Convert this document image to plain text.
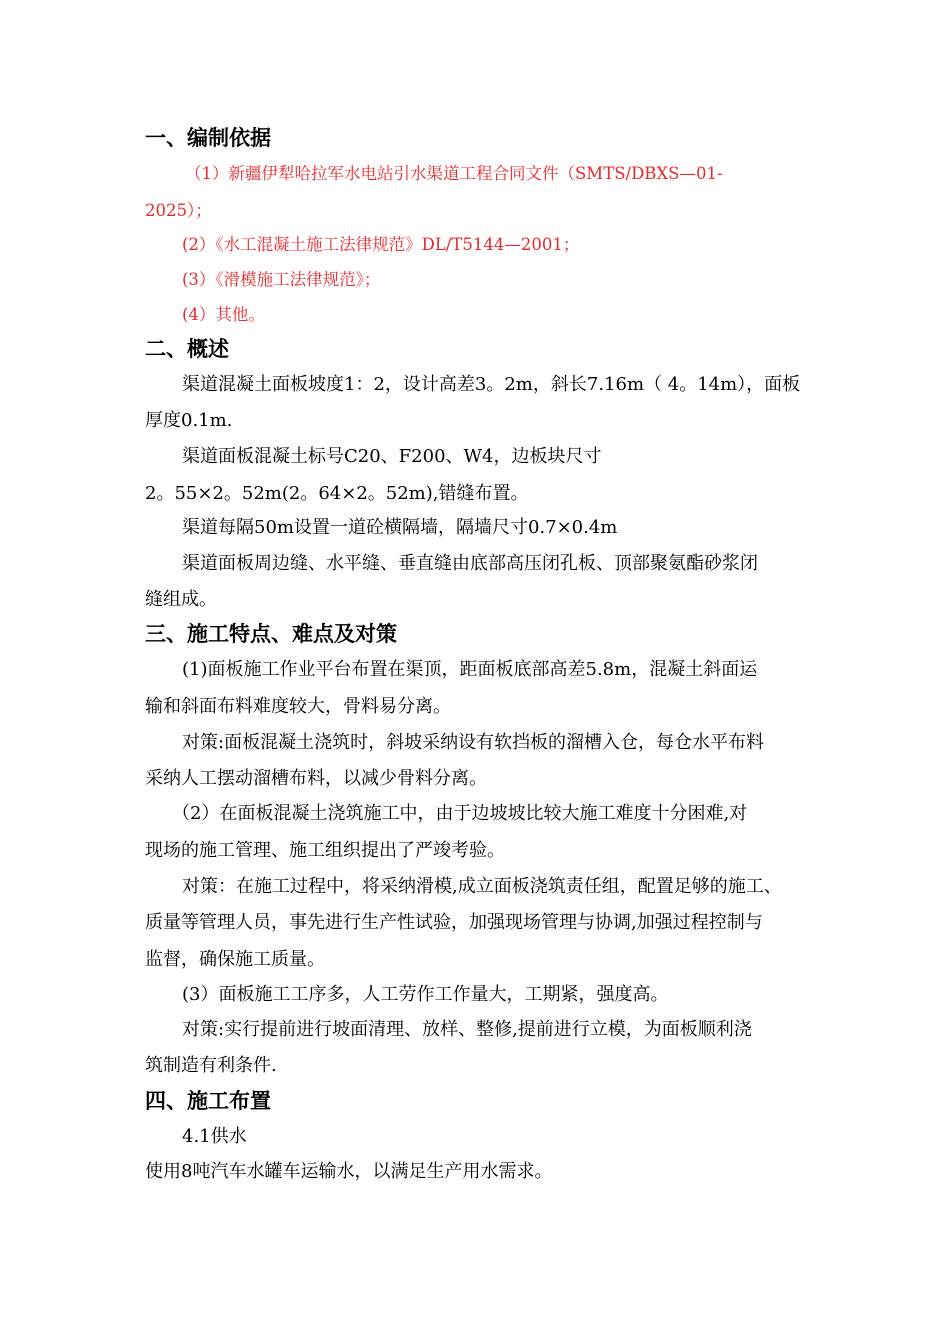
一、编制依据
（1）新疆伊犁哈拉军水电站引水渠道工程合同文件（SMTS/DBXS—01-
2025）；
(2）《水工混凝土施工法律规范》DL/T5144—2001；
(3）《滑模施工法律规范》；
(4）其他。
二、概述
渠道混凝土面板坡度1：2，设计高差3。2m，斜长7.16m（ 4。14m），面板
厚度0.1m.
渠道面板混凝土标号C20、F200、W4，边板块尺寸
2。55×2。52m(2。64×2。52m),错缝布置。
渠道每隔50m设置一道砼横隔墙，隔墙尺寸0.7×0.4m
渠道面板周边缝、水平缝、垂直缝由底部高压闭孔板、顶部聚氨酯砂浆闭
缝组成。
三、施工特点、难点及对策
(1)面板施工作业平台布置在渠顶，距面板底部高差5.8m，混凝土斜面运
输和斜面布料难度较大，骨料易分离。
对策:面板混凝土浇筑时，斜坡采纳设有软挡板的溜槽入仓，每仓水平布料
采纳人工摆动溜槽布料，以减少骨料分离。
（2）在面板混凝土浇筑施工中，由于边坡坡比较大施工难度十分困难,对
现场的施工管理、施工组织提出了严竣考验。
对策：在施工过程中，将采纳滑模,成立面板浇筑责任组，配置足够的施工、
质量等管理人员，事先进行生产性试验，加强现场管理与协调,加强过程控制与
监督，确保施工质量。
(3）面板施工工序多，人工劳作工作量大，工期紧，强度高。
对策:实行提前进行坡面清理、放样、整修,提前进行立模，为面板顺利浇
筑制造有利条件.
四、施工布置
4.1供水
使用8吨汽车水罐车运输水，以满足生产用水需求。
